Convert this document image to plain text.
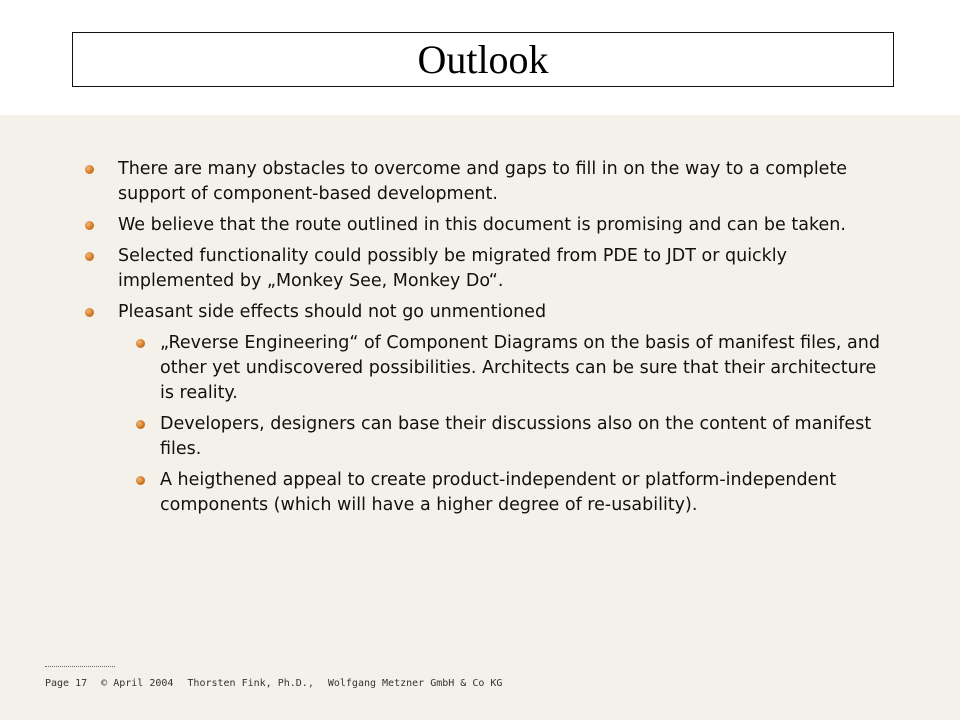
Outlook
There are many obstacles to overcome and gaps to fill in on the way to a complete support of component-based development.
We believe that the route outlined in this document is promising and can be taken.
Selected functionality could possibly be migrated from PDE to JDT or quickly implemented by „Monkey See, Monkey Do“.
Pleasant side effects should not go unmentioned
„Reverse Engineering“ of Component Diagrams on the basis of manifest files, and other yet undiscovered possibilities. Architects can be sure that their architecture is reality.
Developers, designers can base their discussions also on the content of manifest files.
A heigthened appeal to create product-independent or platform-independent components (which will have a higher degree of re-usability).
Page 17 © April 2004 Thorsten Fink, Ph.D., Wolfgang Metzner GmbH & Co KG
